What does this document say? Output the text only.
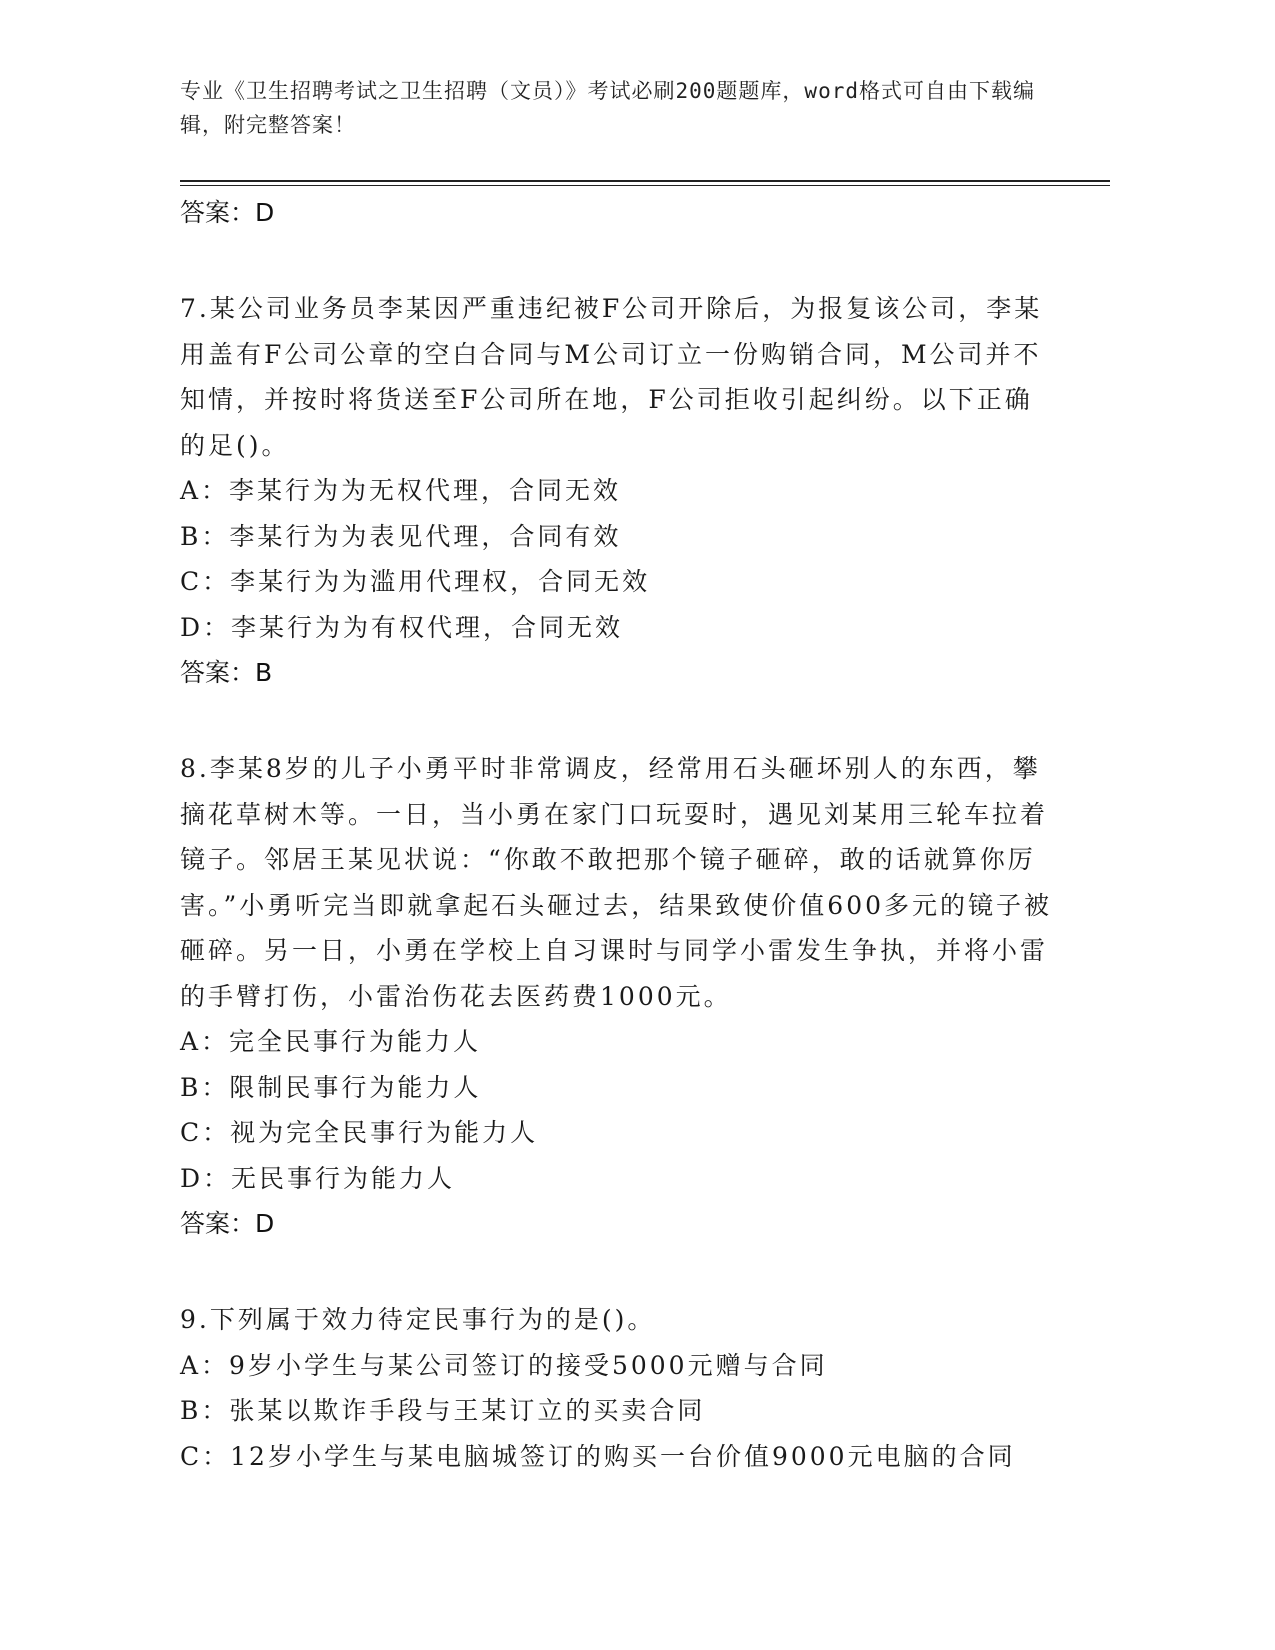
专业《卫生招聘考试之卫生招聘（文员）》考试必刷200题题库，word格式可自由下载编辑，附完整答案！
答案：D
7.某公司业务员李某因严重违纪被F公司开除后，为报复该公司，李某用盖有F公司公章的空白合同与M公司订立一份购销合同，M公司并不知情，并按时将货送至F公司所在地，F公司拒收引起纠纷。以下正确的足()。
A：李某行为为无权代理，合同无效
B：李某行为为表见代理，合同有效
C：李某行为为滥用代理权，合同无效
D：李某行为为有权代理，合同无效
答案：B
8.李某8岁的儿子小勇平时非常调皮，经常用石头砸坏别人的东西，攀摘花草树木等。一日，当小勇在家门口玩耍时，遇见刘某用三轮车拉着镜子。邻居王某见状说：“你敢不敢把那个镜子砸碎，敢的话就算你厉害。”小勇听完当即就拿起石头砸过去，结果致使价值600多元的镜子被砸碎。另一日，小勇在学校上自习课时与同学小雷发生争执，并将小雷的手臂打伤，小雷治伤花去医药费1000元。
A：完全民事行为能力人
B：限制民事行为能力人
C：视为完全民事行为能力人
D：无民事行为能力人
答案：D
9.下列属于效力待定民事行为的是()。
A：9岁小学生与某公司签订的接受5000元赠与合同
B：张某以欺诈手段与王某订立的买卖合同
C：12岁小学生与某电脑城签订的购买一台价值9000元电脑的合同
